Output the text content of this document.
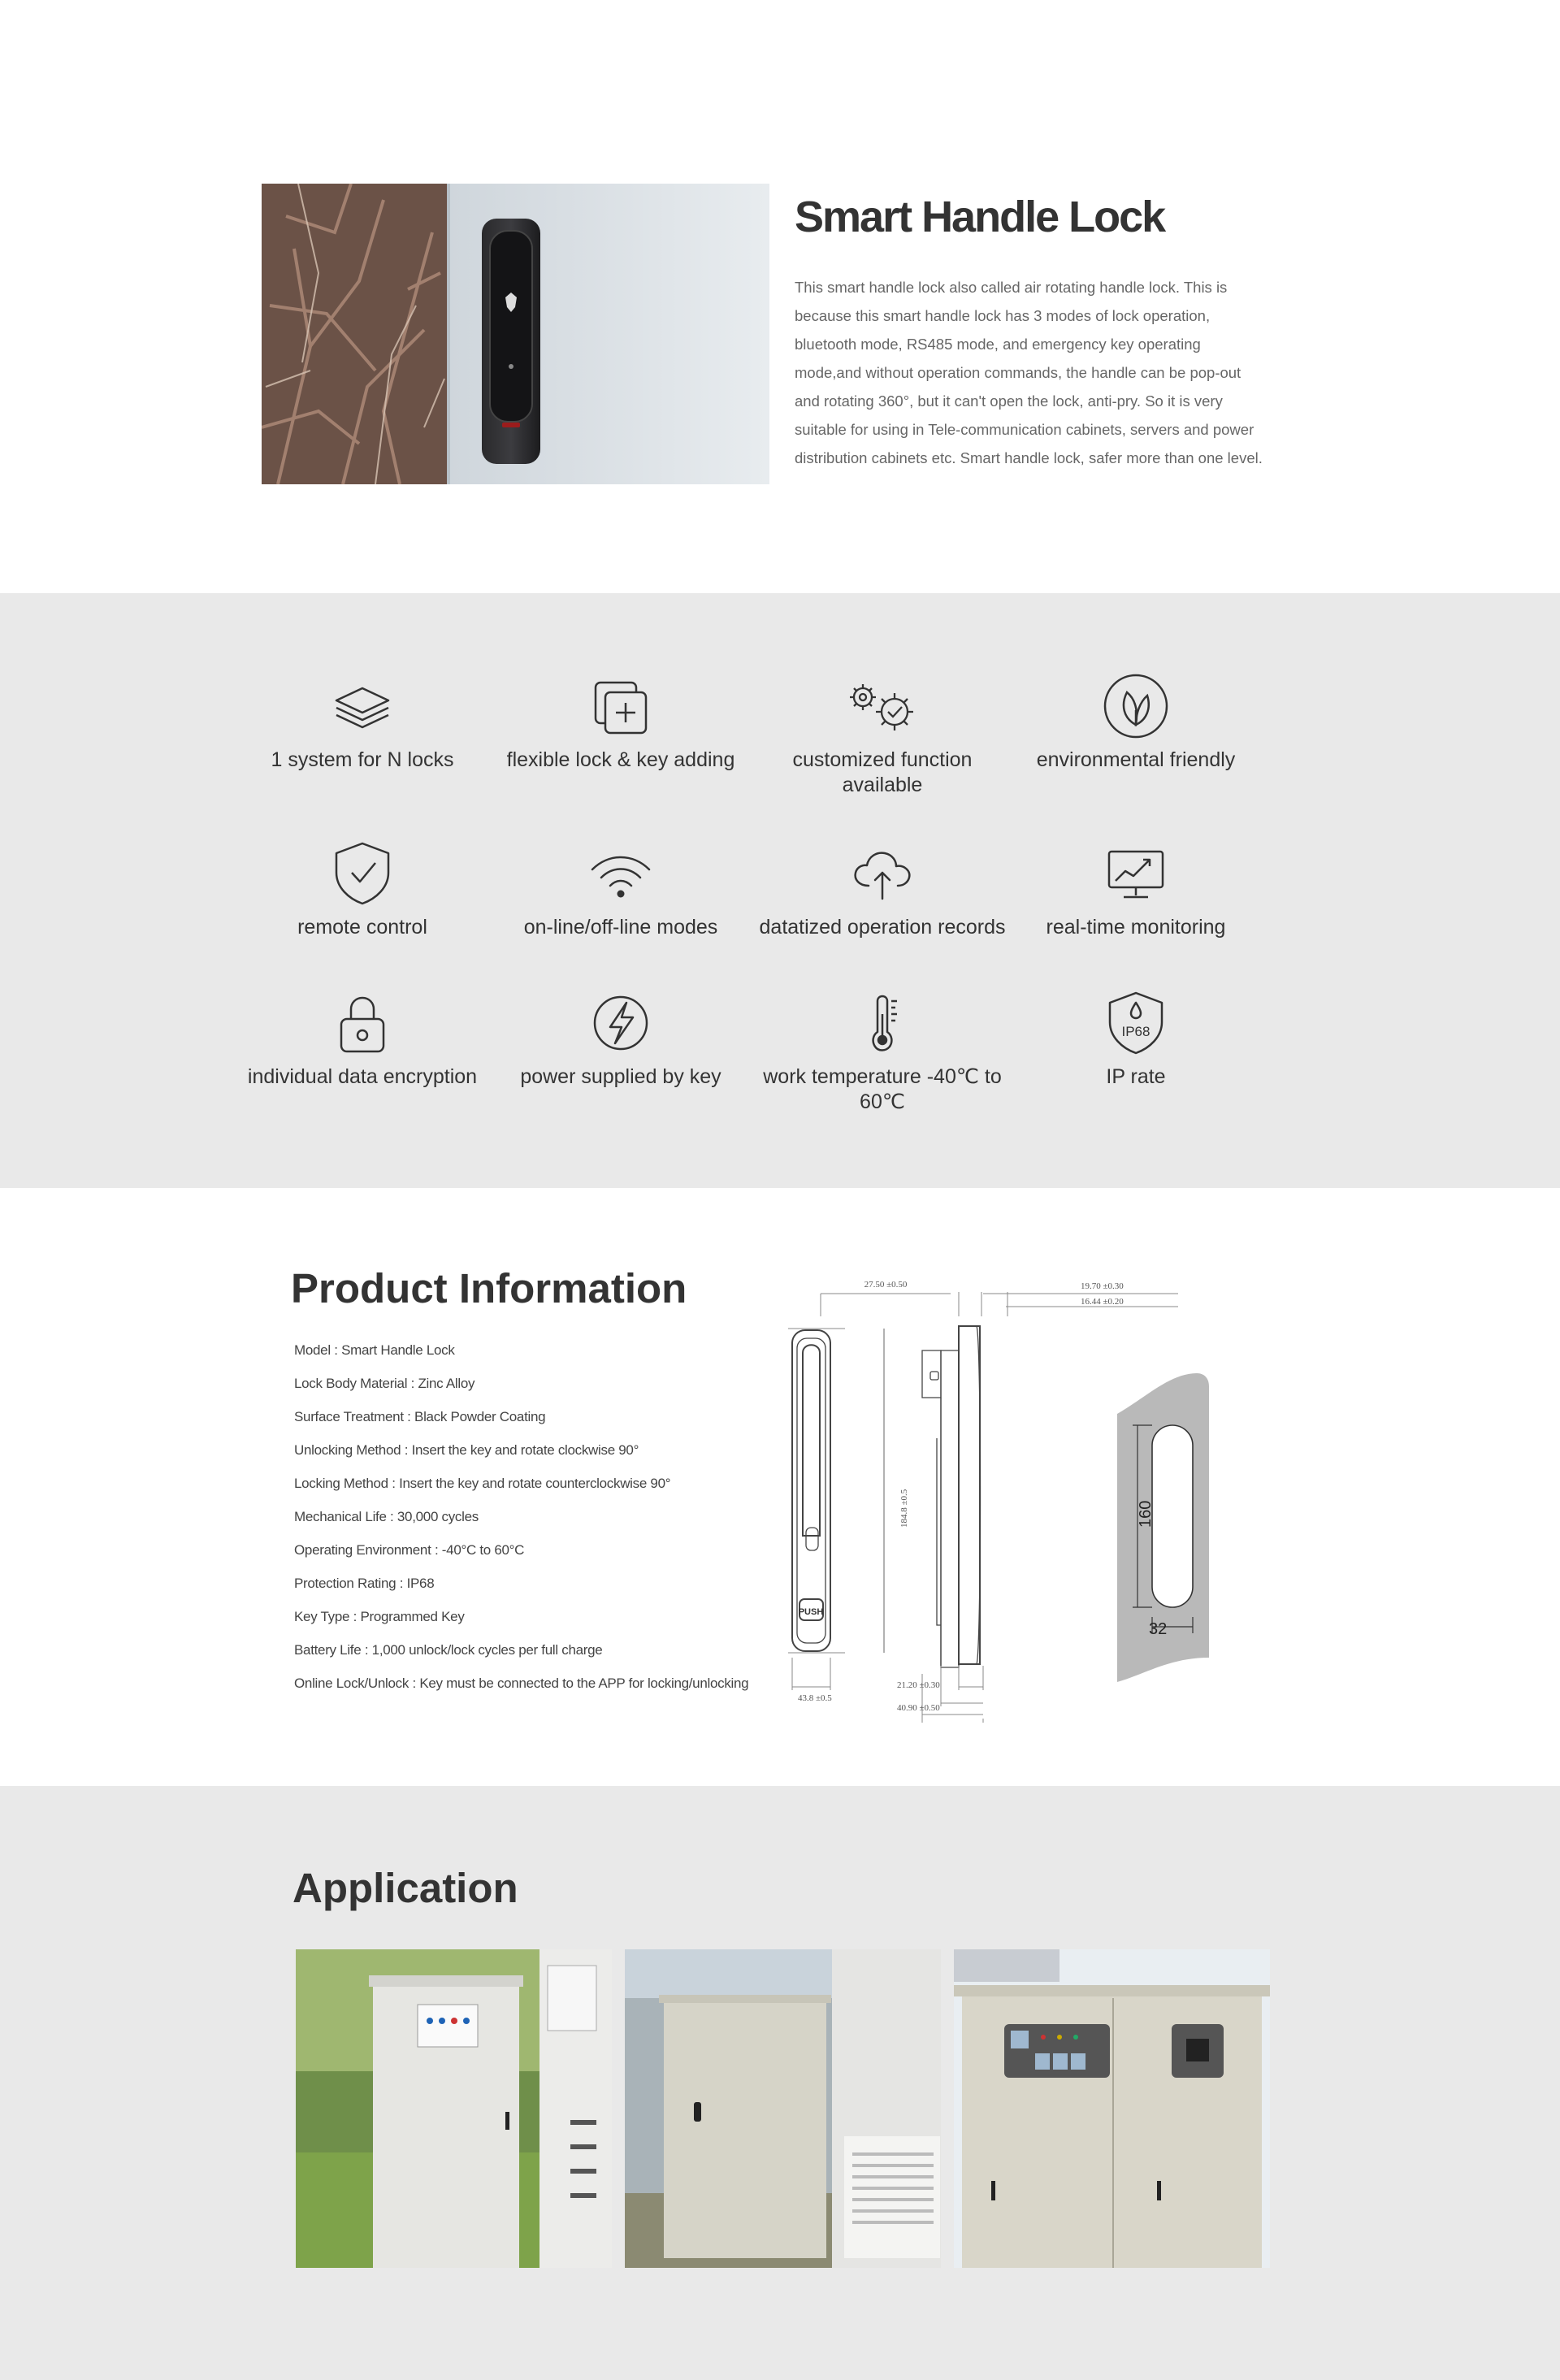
Smart Handle Lock

This smart handle lock also called air rotating handle lock. This is because this smart handle lock has 3 modes of lock operation, bluetooth mode, RS485 mode, and emergency key operating mode,and without operation commands, the handle can be pop-out and rotating 360°, but it can't open the lock, anti-pry. So it is very suitable for using in Tele-communication cabinets, servers and power distribution cabinets etc. Smart handle lock, safer more than one level.

1 system for N locks	flexible lock & key adding	customized function available
environmental friendly
remote control	on-line/off-line modes	datatized operation records	real-time monitoring
individual data encryption	power supplied by key	work temperature -40℃ to 60℃
IP68
IP rate
Product Information
Model : Smart Handle Lock
Lock Body Material : Zinc Alloy
Surface Treatment : Black Powder Coating
Unlocking Method : Insert the key and rotate clockwise 90°
Locking Method : Insert the key and rotate counterclockwise 90°
Mechanical Life : 30,000 cycles
Operating Environment : -40°C to 60°C
Protection Rating : IP68
Key Type : Programmed Key
Battery Life : 1,000 unlock/lock cycles per full charge
Online Lock/Unlock : Key must be connected to the APP for locking/unlocking
27.50 ±0.50	19.70 ±0.30
16.44 ±0.20
184.8 ±0.5
43.8 ±0.5
21.20 ±0.30
40.90 ±0.50
PUSH
160
32
Application
